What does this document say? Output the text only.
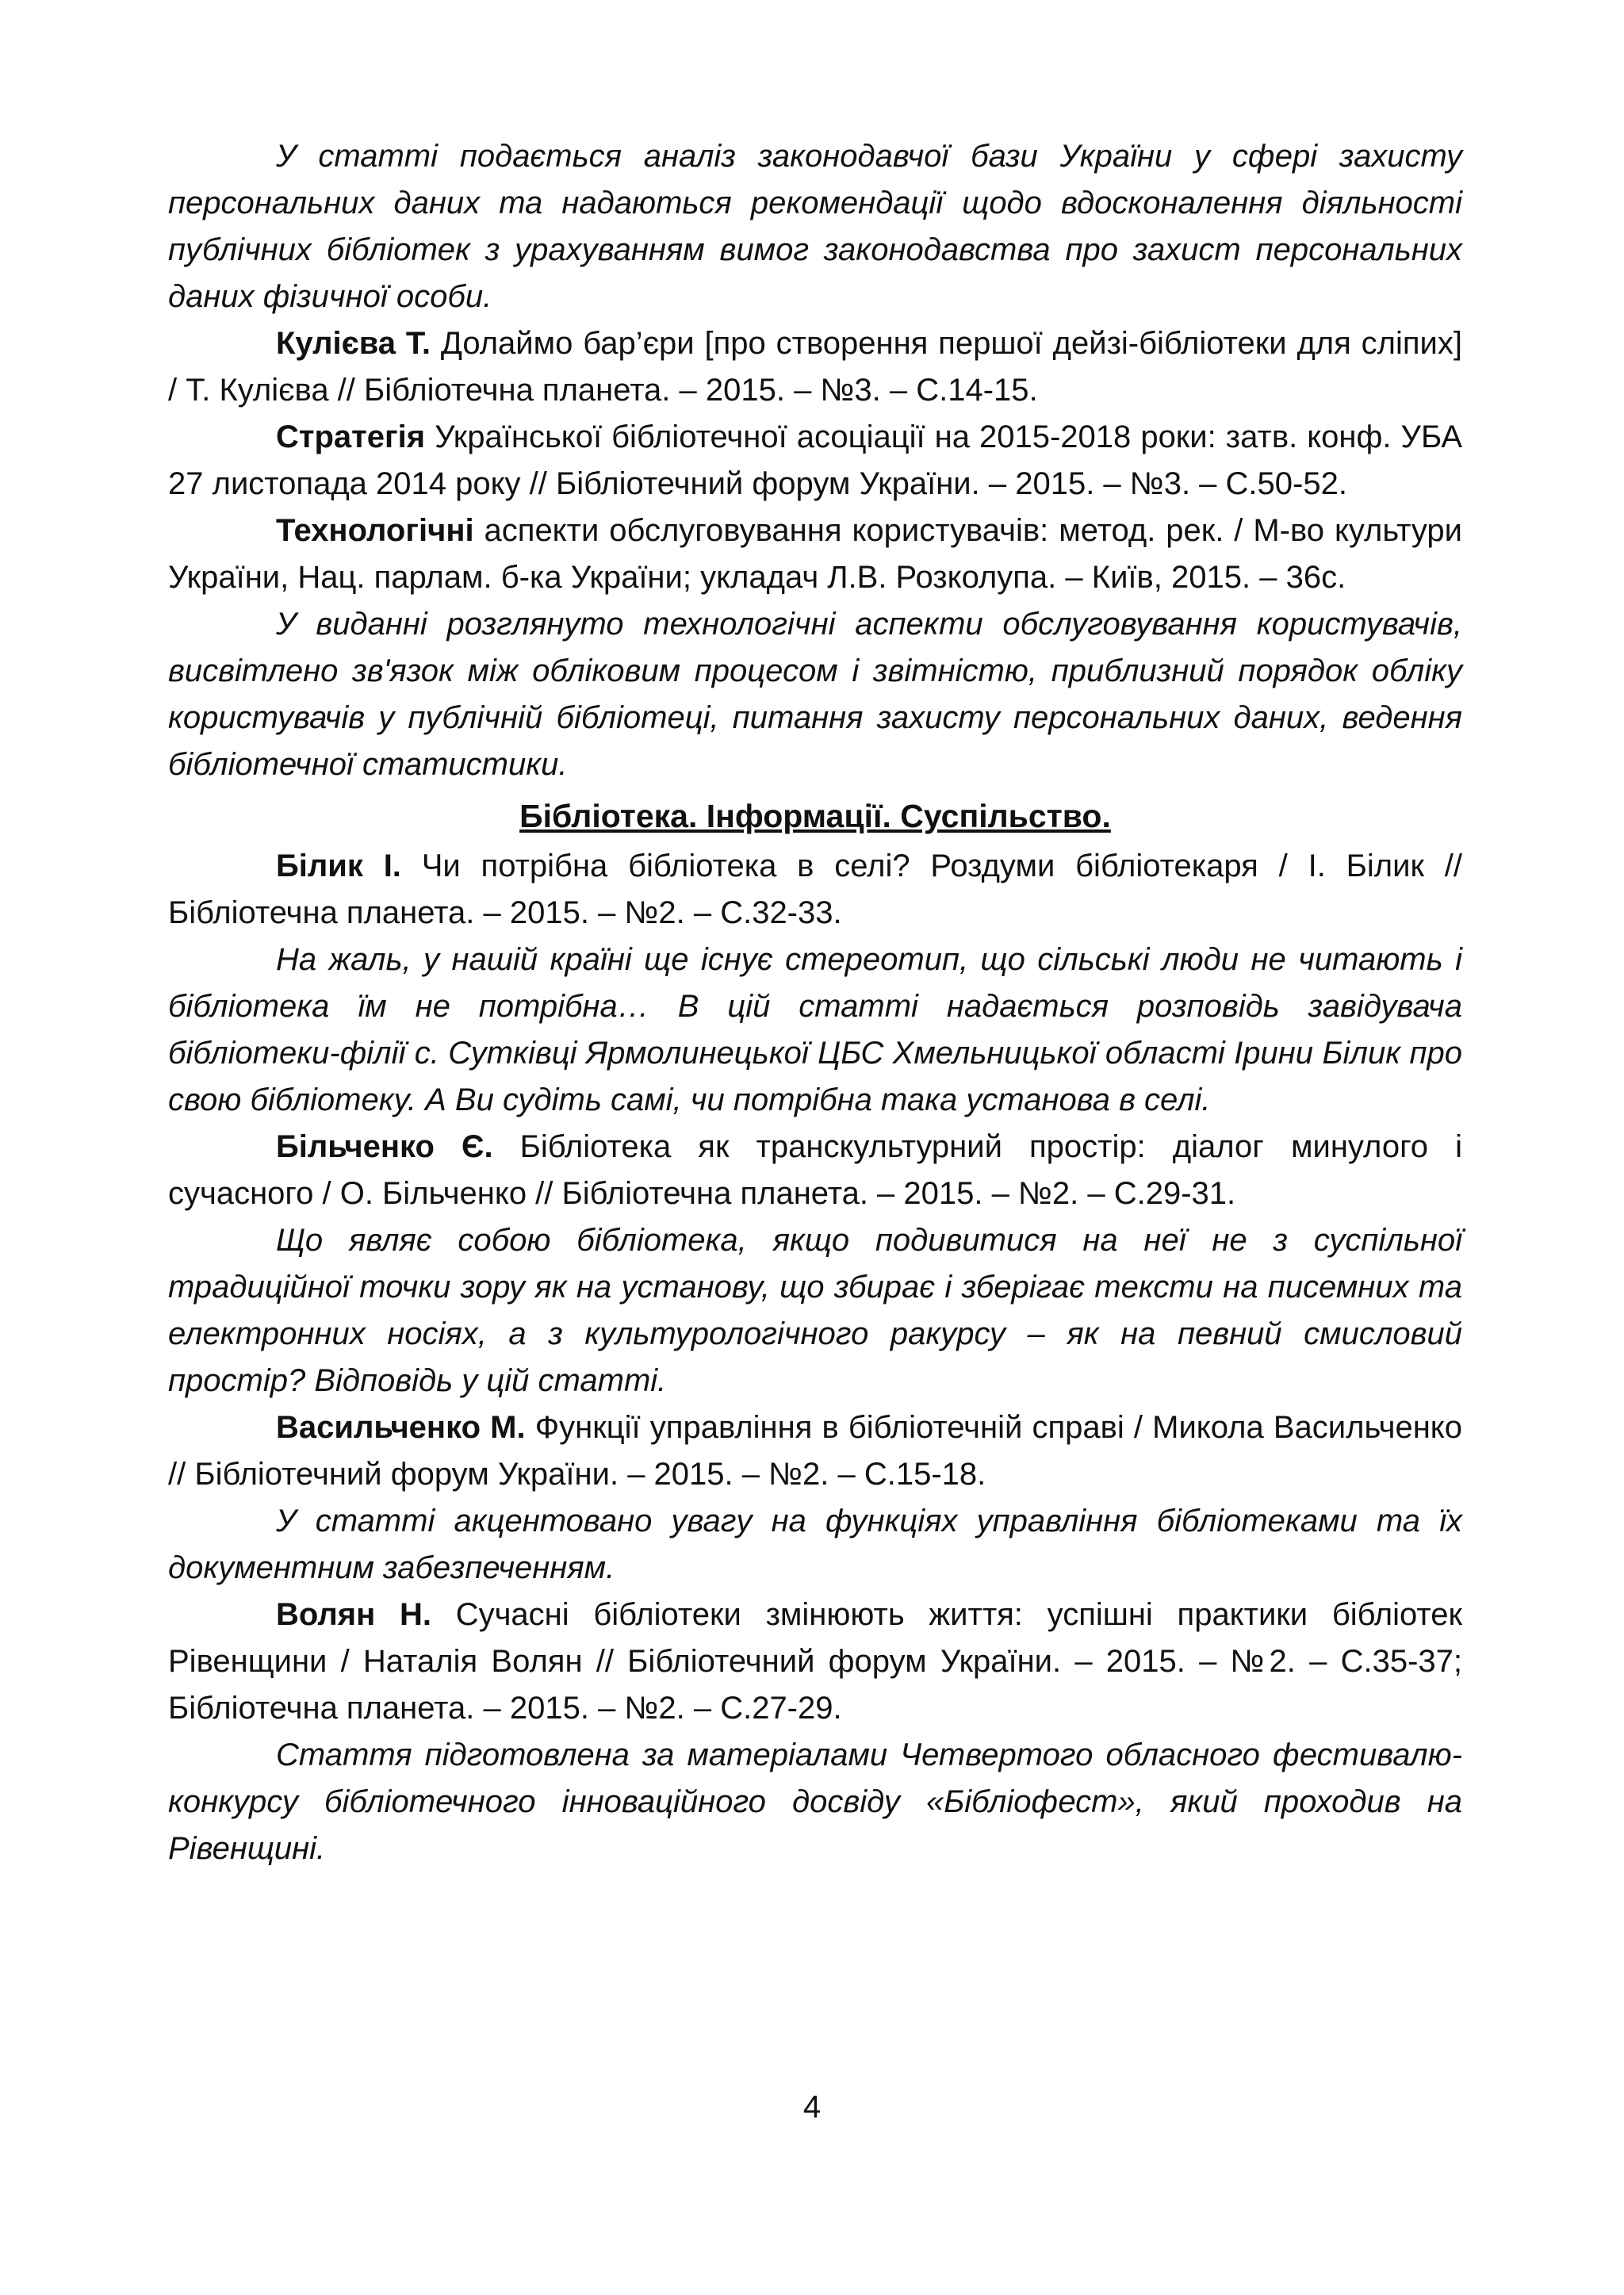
У статті подається аналіз законодавчої бази України у сфері захисту персональних даних та надаються рекомендації щодо вдосконалення діяльності публічних бібліотек з урахуванням вимог законодавства про захист персональних даних фізичної особи.

Кулієва Т. Долаймо бар’єри [про створення першої дейзі-бібліотеки для сліпих] / Т. Кулієва // Бібліотечна планета. – 2015. – №3. – С.14-15.

Стратегія Української бібліотечної асоціації на 2015-2018 роки: затв. конф. УБА 27 листопада 2014 року // Бібліотечний форум України. – 2015. – №3. – С.50-52.

Технологічні аспекти обслуговування користувачів: метод. рек. / М-во культури України, Нац. парлам. б-ка України; укладач Л.В. Розколупа. – Київ, 2015. – 36с.

У виданні розглянуто технологічні аспекти обслуговування користувачів, висвітлено зв'язок між обліковим процесом і звітністю, приблизний порядок обліку користувачів у публічній бібліотеці, питання захисту персональних даних, ведення бібліотечної статистики.

Бібліотека. Інформації. Суспільство.

Білик І. Чи потрібна бібліотека в селі? Роздуми бібліотекаря / І. Білик // Бібліотечна планета. – 2015. – №2. – С.32-33.

На жаль, у нашій країні ще існує стереотип, що сільські люди не читають і бібліотека їм не потрібна… В цій статті надається розповідь завідувача бібліотеки-філії с. Сутківці Ярмолинецької ЦБС Хмельницької області Ірини Білик про свою бібліотеку. А Ви судіть самі, чи потрібна така установа в селі.

Більченко Є. Бібліотека як транскультурний простір: діалог минулого і сучасного / О. Більченко // Бібліотечна планета. – 2015. – №2. – С.29-31.

Що являє собою бібліотека, якщо подивитися на неї не з суспільної традиційної точки зору як на установу, що збирає і зберігає тексти на писемних та електронних носіях, а з культурологічного ракурсу – як на певний смисловий простір? Відповідь у цій статті.

Васильченко М. Функції управління в бібліотечній справі / Микола Васильченко // Бібліотечний форум України. – 2015. – №2. – С.15-18.

У статті акцентовано увагу на функціях управління бібліотеками та їх документним забезпеченням.

Волян Н. Сучасні бібліотеки змінюють життя: успішні практики бібліотек Рівенщини / Наталія Волян // Бібліотечний форум України. – 2015. – №2. – С.35-37; Бібліотечна планета. – 2015. – №2. – С.27-29.

Стаття підготовлена за матеріалами Четвертого обласного фестивалю-конкурсу бібліотечного інноваційного досвіду «Бібліофест», який проходив на Рівенщині.

4
